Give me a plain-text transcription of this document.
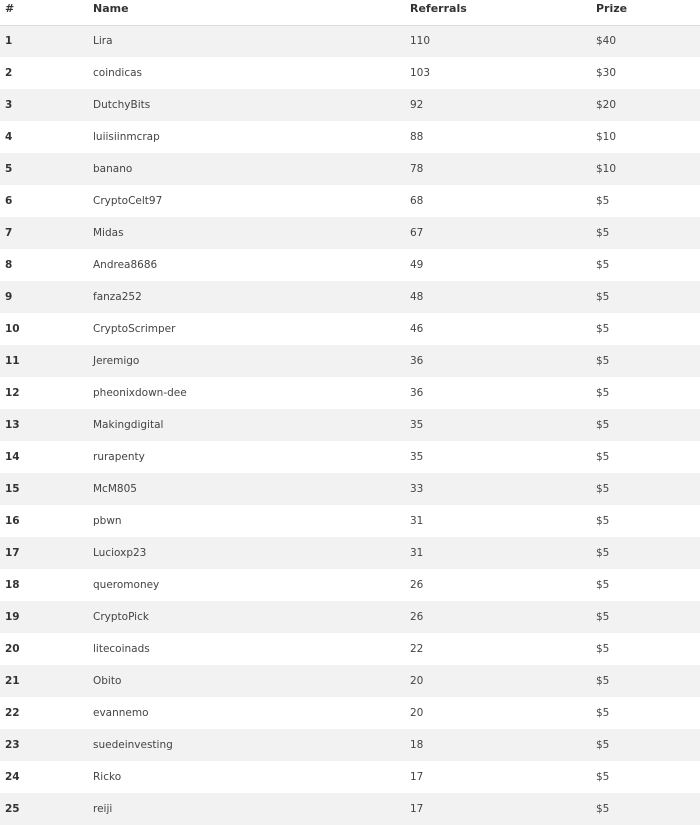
#	Name	Referrals	Prize
1	Lira	110	$40
2	coindicas	103	$30
3	DutchyBits	92	$20
4	luiisiinmcrap	88	$10
5	banano	78	$10
6	CryptoCelt97	68	$5
7	Midas	67	$5
8	Andrea8686	49	$5
9	fanza252	48	$5
10	CryptoScrimper	46	$5
11	Jeremigo	36	$5
12	pheonixdown-dee	36	$5
13	Makingdigital	35	$5
14	rurapenty	35	$5
15	McM805	33	$5
16	pbwn	31	$5
17	Lucioxp23	31	$5
18	queromoney	26	$5
19	CryptoPick	26	$5
20	litecoinads	22	$5
21	Obito	20	$5
22	evannemo	20	$5
23	suedeinvesting	18	$5
24	Ricko	17	$5
25	reiji	17	$5
